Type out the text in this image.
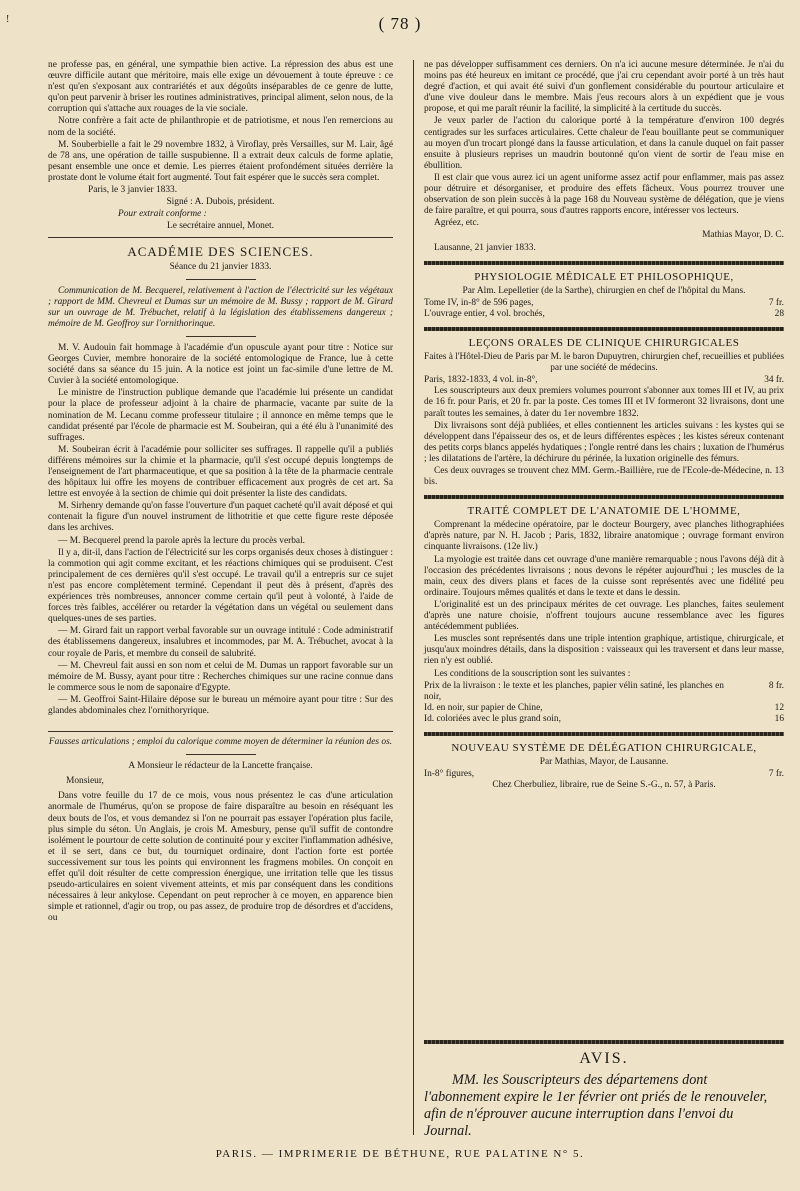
!	( 78 )

ne professe pas, en général, une sympathie bien active. La répression des abus est une œuvre difficile autant que méritoire, mais elle exige un dévouement à toute épreuve : ce n'est qu'en s'exposant aux contrariétés et aux dégoûts inséparables de ce genre de lutte, qu'on peut parvenir à briser les routines administratives, principal aliment, selon nous, de la corruption qui s'attache aux rouages de la vie sociale.

Notre confrère a fait acte de philanthropie et de patriotisme, et nous l'en remercions au nom de la société.

M. Souberbielle a fait le 29 novembre 1832, à Viroflay, près Versailles, sur M. Lair, âgé de 78 ans, une opération de taille suspubienne. Il a extrait deux calculs de forme aplatie, pesant ensemble une once et demie. Les pierres étaient profondément situées derrière la prostate dont le volume était fort augmenté. Tout fait espérer que le succès sera complet.

Paris, le 3 janvier 1833.

Signé : A. Dubois, président.

Pour extrait conforme :

Le secrétaire annuel, Monet.

ACADÉMIE DES SCIENCES.

Séance du 21 janvier 1833.

Communication de M. Becquerel, relativement à l'action de l'électricité sur les végétaux ; rapport de MM. Chevreul et Dumas sur un mémoire de M. Bussy ; rapport de M. Girard sur un ouvrage de M. Trébuchet, relatif à la législation des établissemens dangereux ; mémoire de M. Geoffroy sur l'ornithorinque.

M. V. Audouin fait hommage à l'académie d'un opuscule ayant pour titre : Notice sur Georges Cuvier, membre honoraire de la société entomologique de France, lue à cette société dans sa séance du 15 juin. A la notice est joint un fac-simile d'une lettre de M. Cuvier à la société entomologique.

Le ministre de l'instruction publique demande que l'académie lui présente un candidat pour la place de professeur adjoint à la chaire de pharmacie, vacante par suite de la nomination de M. Lecanu comme professeur titulaire ; il annonce en même temps que le candidat présenté par l'école de pharmacie est M. Soubeiran, qui a été élu à l'unanimité des suffrages.

M. Soubeiran écrit à l'académie pour solliciter ses suffrages. Il rappelle qu'il a publiés différens mémoires sur la chimie et la pharmacie, qu'il s'est occupé depuis longtemps de l'enseignement de l'art pharmaceutique, et que sa position à la tête de la pharmacie centrale des hôpitaux lui offre les moyens de contribuer efficacement aux progrès de cet art. Sa lettre est envoyée à la section de chimie qui doit présenter la liste des candidats.

M. Sirhenry demande qu'on fasse l'ouverture d'un paquet cacheté qu'il avait déposé et qui contenait la figure d'un nouvel instrument de lithotritie et que cette figure reste déposée dans les archives.

— M. Becquerel prend la parole après la lecture du procès verbal.

Il y a, dit-il, dans l'action de l'électricité sur les corps organisés deux choses à distinguer : la commotion qui agit comme excitant, et les réactions chimiques qui se produisent. C'est principalement de ces dernières qu'il s'est occupé. Le travail qu'il a entrepris sur ce sujet n'est pas encore complètement terminé. Cependant il peut dès à présent, d'après des expériences très nombreuses, annoncer comme certain qu'il peut à volonté, à l'aide de forces très faibles, accélérer ou retarder la végétation dans un végétal ou seulement dans quelques-unes de ses parties.

— M. Girard fait un rapport verbal favorable sur un ouvrage intitulé : Code administratif des établissemens dangereux, insalubres et incommodes, par M. A. Trébuchet, avocat à la cour royale de Paris, et membre du conseil de salubrité.

— M. Chevreul fait aussi en son nom et celui de M. Dumas un rapport favorable sur un mémoire de M. Bussy, ayant pour titre : Recherches chimiques sur une racine connue dans le commerce sous le nom de saponaire d'Egypte.

— M. Geoffroi Saint-Hilaire dépose sur le bureau un mémoire ayant pour titre : Sur des glandes abdominales chez l'ornithoryrique.

Fausses articulations ; emploi du calorique comme moyen de déterminer la réunion des os.

A Monsieur le rédacteur de la Lancette française.

Monsieur,

Dans votre feuille du 17 de ce mois, vous nous présentez le cas d'une articulation anormale de l'humérus, qu'on se propose de faire disparaître au besoin en réséquant les deux bouts de l'os, et vous demandez si l'on ne pourrait pas essayer l'opération plus facile, plus simple du séton. Un Anglais, je crois M. Amesbury, pense qu'il suffit de contondre isolément le pourtour de cette solution de continuité pour y exciter l'inflammation adhésive, et il se sert, dans ce but, du tourniquet ordinaire, dont l'action forte est portée successivement sur tous les points qui environnent les fragmens mobiles. On conçoit en effet qu'il doit résulter de cette compression énergique, une irritation telle que les tissus pseudo-articulaires en soient vivement atteints, et mis par conséquent dans les conditions nécessaires à leur ankylose. Cependant on peut reprocher à ce moyen, en apparence bien simple et rationnel, d'agir ou trop, ou pas assez, de produire trop de désordres et d'accidens, ou

ne pas développer suffisamment ces derniers. On n'a ici aucune mesure déterminée. Je n'ai du moins pas été heureux en imitant ce procédé, que j'ai cru cependant avoir porté à un très haut degré d'action, et qui avait été suivi d'un gonflement considérable du pourtour articulaire et d'une vive douleur dans le membre. Mais j'eus recours alors à un expédient que je vous propose, et qui me paraît réunir la facilité, la simplicité à la certitude du succès.

Je veux parler de l'action du calorique porté à la température d'environ 100 degrés centigrades sur les surfaces articulaires. Cette chaleur de l'eau bouillante peut se communiquer au moyen d'un trocart plongé dans la fausse articulation, et dans la canule duquel on fait passer ensuite à plusieurs reprises un maudrin boutonné qu'on vient de sortir de l'eau mise en ébullition.

Il est clair que vous aurez ici un agent uniforme assez actif pour enflammer, mais pas assez pour détruire et désorganiser, et produire des effets fâcheux. Vous pourrez trouver une observation de son plein succès à la page 168 du Nouveau système de délégation, que je viens de faire paraître, et qui pourra, sous d'autres rapports encore, intéresser vos lecteurs.

Agréez, etc.

Mathias Mayor, D. C.

Lausanne, 21 janvier 1833.

PHYSIOLOGIE MÉDICALE ET PHILOSOPHIQUE,

Par Alm. Lepelletier (de la Sarthe), chirurgien en chef de l'hôpital du Mans.

Tome IV, in-8° de 596 pages,	7 fr.
L'ouvrage entier, 4 vol. brochés,	28
LEÇONS ORALES DE CLINIQUE CHIRURGICALES

Faites à l'Hôtel-Dieu de Paris par M. le baron Dupuytren, chirurgien chef, recueillies et publiées par une société de médecins.

Paris, 1832-1833, 4 vol. in-8°,	34 fr.

Les souscripteurs aux deux premiers volumes pourront s'abonner aux tomes III et IV, au prix de 16 fr. pour Paris, et 20 fr. par la poste. Ces tomes III et IV formeront 32 livraisons, dont une paraît toutes les semaines, à dater du 1er novembre 1832.

Dix livraisons sont déjà publiées, et elles contiennent les articles suivans : les kystes qui se développent dans l'épaisseur des os, et de leurs différentes espèces ; les kistes séreux contenant des petits corps blancs appelés hydatiques ; l'ongle rentré dans les chairs ; luxation de l'humérus ; les dilatations de l'artère, la déchirure du périnée, la luxation originelle des fémurs.

Ces deux ouvrages se trouvent chez MM. Germ.-Baillière, rue de l'Ecole-de-Médecine, n. 13 bis.

TRAITÉ COMPLET DE L'ANATOMIE DE L'HOMME,

Comprenant la médecine opératoire, par le docteur Bourgery, avec planches lithographiées d'après nature, par N. H. Jacob ; Paris, 1832, libraire anatomique ; ouvrage formant environ cinquante livraisons. (12e liv.)

La myologie est traitée dans cet ouvrage d'une manière remarquable ; nous l'avons déjà dit à l'occasion des précédentes livraisons ; nous devons le répéter aujourd'hui ; les muscles de la main, ceux des divers plans et faces de la cuisse sont représentés avec une fidélité peu ordinaire. Toujours mêmes qualités et dans le texte et dans le dessin.

L'originalité est un des principaux mérites de cet ouvrage. Les planches, faites seulement d'après une nature choisie, n'offrent toujours aucune ressemblance avec les figures antécédemment publiées.

Les muscles sont représentés dans une triple intention graphique, artistique, chirurgicale, et jusqu'aux moindres détails, dans la disposition : vaisseaux qui les traversent et dans leur masse, rien n'y est oublié.

Les conditions de la souscription sont les suivantes :

Prix de la livraison : le texte et les planches, papier vélin satiné, les planches en noir,
8 fr.
Id. en noir, sur papier de Chine,	12
Id. coloriées avec le plus grand soin,	16
NOUVEAU SYSTÈME DE DÉLÉGATION CHIRURGICALE,

Par Mathias, Mayor, de Lausanne.

In-8° figures,	7 fr.

Chez Cherbuliez, libraire, rue de Seine S.-G., n. 57, à Paris.

AVIS.
MM. les Souscripteurs des départemens dont l'abonnement expire le 1er février ont priés de le renouveler, afin de n'éprouver aucune interruption dans l'envoi du Journal.
PARIS. — IMPRIMERIE DE BÉTHUNE, RUE PALATINE N° 5.
